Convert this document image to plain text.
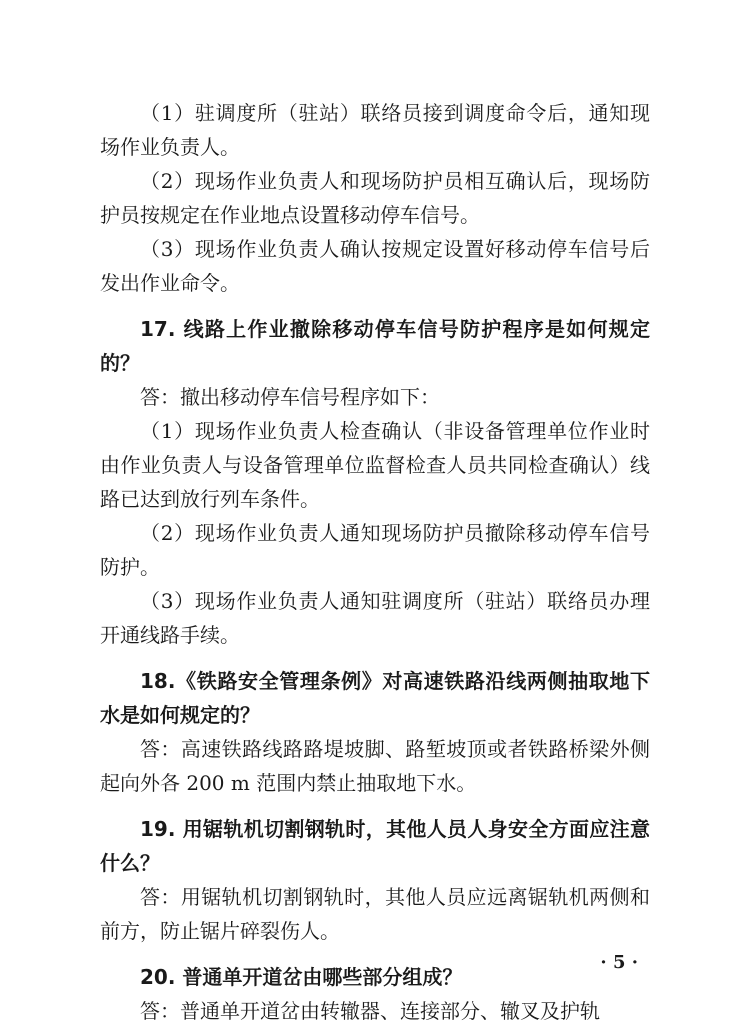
（1）驻调度所（驻站）联络员接到调度命令后，通知现场作业负责人。

（2）现场作业负责人和现场防护员相互确认后，现场防护员按规定在作业地点设置移动停车信号。

（3）现场作业负责人确认按规定设置好移动停车信号后发出作业命令。

17. 线路上作业撤除移动停车信号防护程序是如何规定的？

答：撤出移动停车信号程序如下：

（1）现场作业负责人检查确认（非设备管理单位作业时由作业负责人与设备管理单位监督检查人员共同检查确认）线路已达到放行列车条件。

（2）现场作业负责人通知现场防护员撤除移动停车信号防护。

（3）现场作业负责人通知驻调度所（驻站）联络员办理开通线路手续。

18.《铁路安全管理条例》对高速铁路沿线两侧抽取地下水是如何规定的？

答：高速铁路线路路堤坡脚、路堑坡顶或者铁路桥梁外侧起向外各 200 m 范围内禁止抽取地下水。

19. 用锯轨机切割钢轨时，其他人员人身安全方面应注意什么？

答：用锯轨机切割钢轨时，其他人员应远离锯轨机两侧和前方，防止锯片碎裂伤人。

20. 普通单开道岔由哪些部分组成？

答：普通单开道岔由转辙器、连接部分、辙叉及护轨

· 5 ·
